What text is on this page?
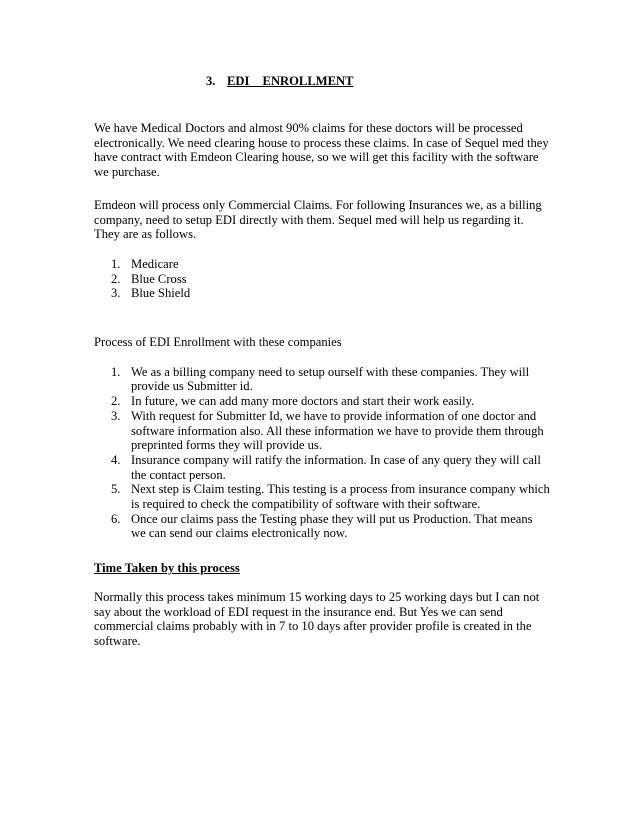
3. EDI ENROLLMENT

We have Medical Doctors and almost 90% claims for these doctors will be processed electronically. We need clearing house to process these claims. In case of Sequel med they have contract with Emdeon Clearing house, so we will get this facility with the software we purchase.

Emdeon will process only Commercial Claims. For following Insurances we, as a billing company, need to setup EDI directly with them. Sequel med will help us regarding it. They are as follows.

1. Medicare
2. Blue Cross
3. Blue Shield

Process of EDI Enrollment with these companies

1. We as a billing company need to setup ourself with these companies. They will provide us Submitter id.
2. In future, we can add many more doctors and start their work easily.
3. With request for Submitter Id, we have to provide information of one doctor and software information also. All these information we have to provide them through preprinted forms they will provide us.
4. Insurance company will ratify the information. In case of any query they will call the contact person.
5. Next step is Claim testing. This testing is a process from insurance company which is required to check the compatibility of software with their software.
6. Once our claims pass the Testing phase they will put us Production. That means we can send our claims electronically now.

Time Taken by this process

Normally this process takes minimum 15 working days to 25 working days but I can not say about the workload of EDI request in the insurance end. But Yes we can send commercial claims probably with in 7 to 10 days after provider profile is created in the software.
